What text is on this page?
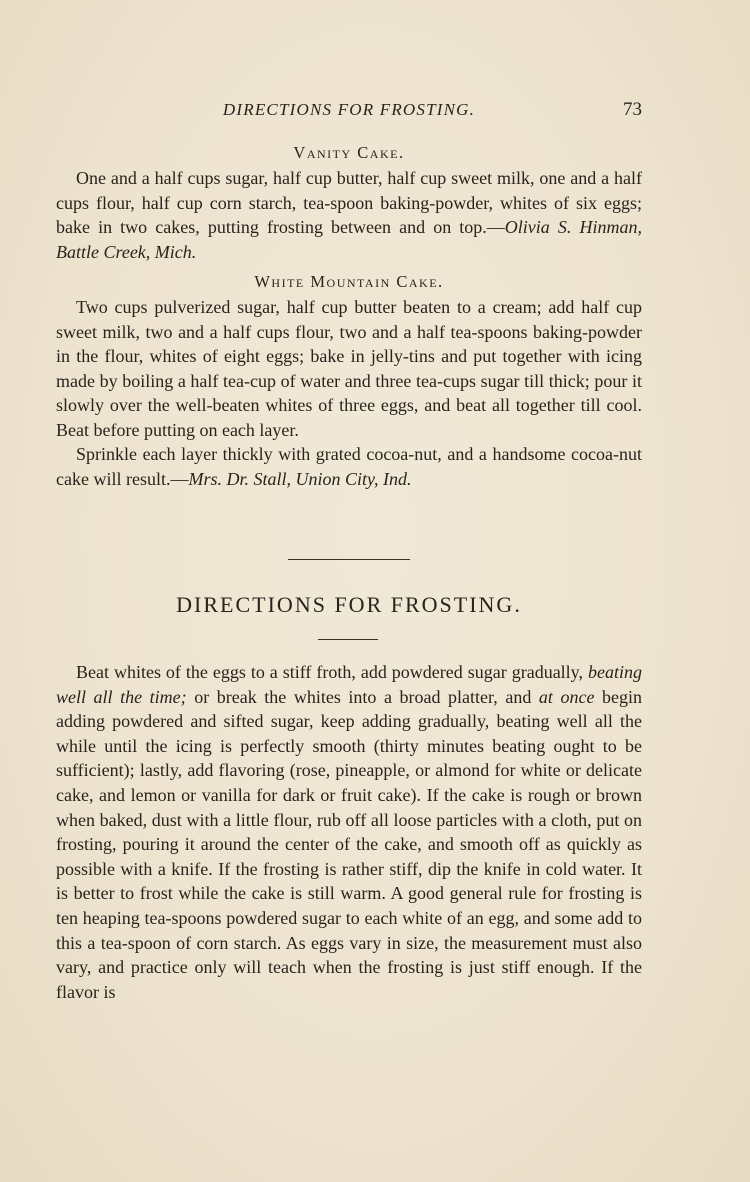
DIRECTIONS FOR FROSTING.	73
Vanity Cake.

One and a half cups sugar, half cup butter, half cup sweet milk, one and a half cups flour, half cup corn starch, tea-spoon baking-powder, whites of six eggs; bake in two cakes, putting frosting between and on top.—Olivia S. Hinman, Battle Creek, Mich.

White Mountain Cake.

Two cups pulverized sugar, half cup butter beaten to a cream; add half cup sweet milk, two and a half cups flour, two and a half tea-spoons baking-powder in the flour, whites of eight eggs; bake in jelly-tins and put together with icing made by boiling a half tea-cup of water and three tea-cups sugar till thick; pour it slowly over the well-beaten whites of three eggs, and beat all together till cool. Beat before putting on each layer.

Sprinkle each layer thickly with grated cocoa-nut, and a handsome cocoa-nut cake will result.—Mrs. Dr. Stall, Union City, Ind.

DIRECTIONS FOR FROSTING.

Beat whites of the eggs to a stiff froth, add powdered sugar gradually, beating well all the time; or break the whites into a broad platter, and at once begin adding powdered and sifted sugar, keep adding gradually, beating well all the while until the icing is perfectly smooth (thirty minutes beating ought to be sufficient); lastly, add flavoring (rose, pineapple, or almond for white or delicate cake, and lemon or vanilla for dark or fruit cake). If the cake is rough or brown when baked, dust with a little flour, rub off all loose particles with a cloth, put on frosting, pouring it around the center of the cake, and smooth off as quickly as possible with a knife. If the frosting is rather stiff, dip the knife in cold water. It is better to frost while the cake is still warm. A good general rule for frosting is ten heaping tea-spoons powdered sugar to each white of an egg, and some add to this a tea-spoon of corn starch. As eggs vary in size, the measurement must also vary, and practice only will teach when the frosting is just stiff enough. If the flavor is
